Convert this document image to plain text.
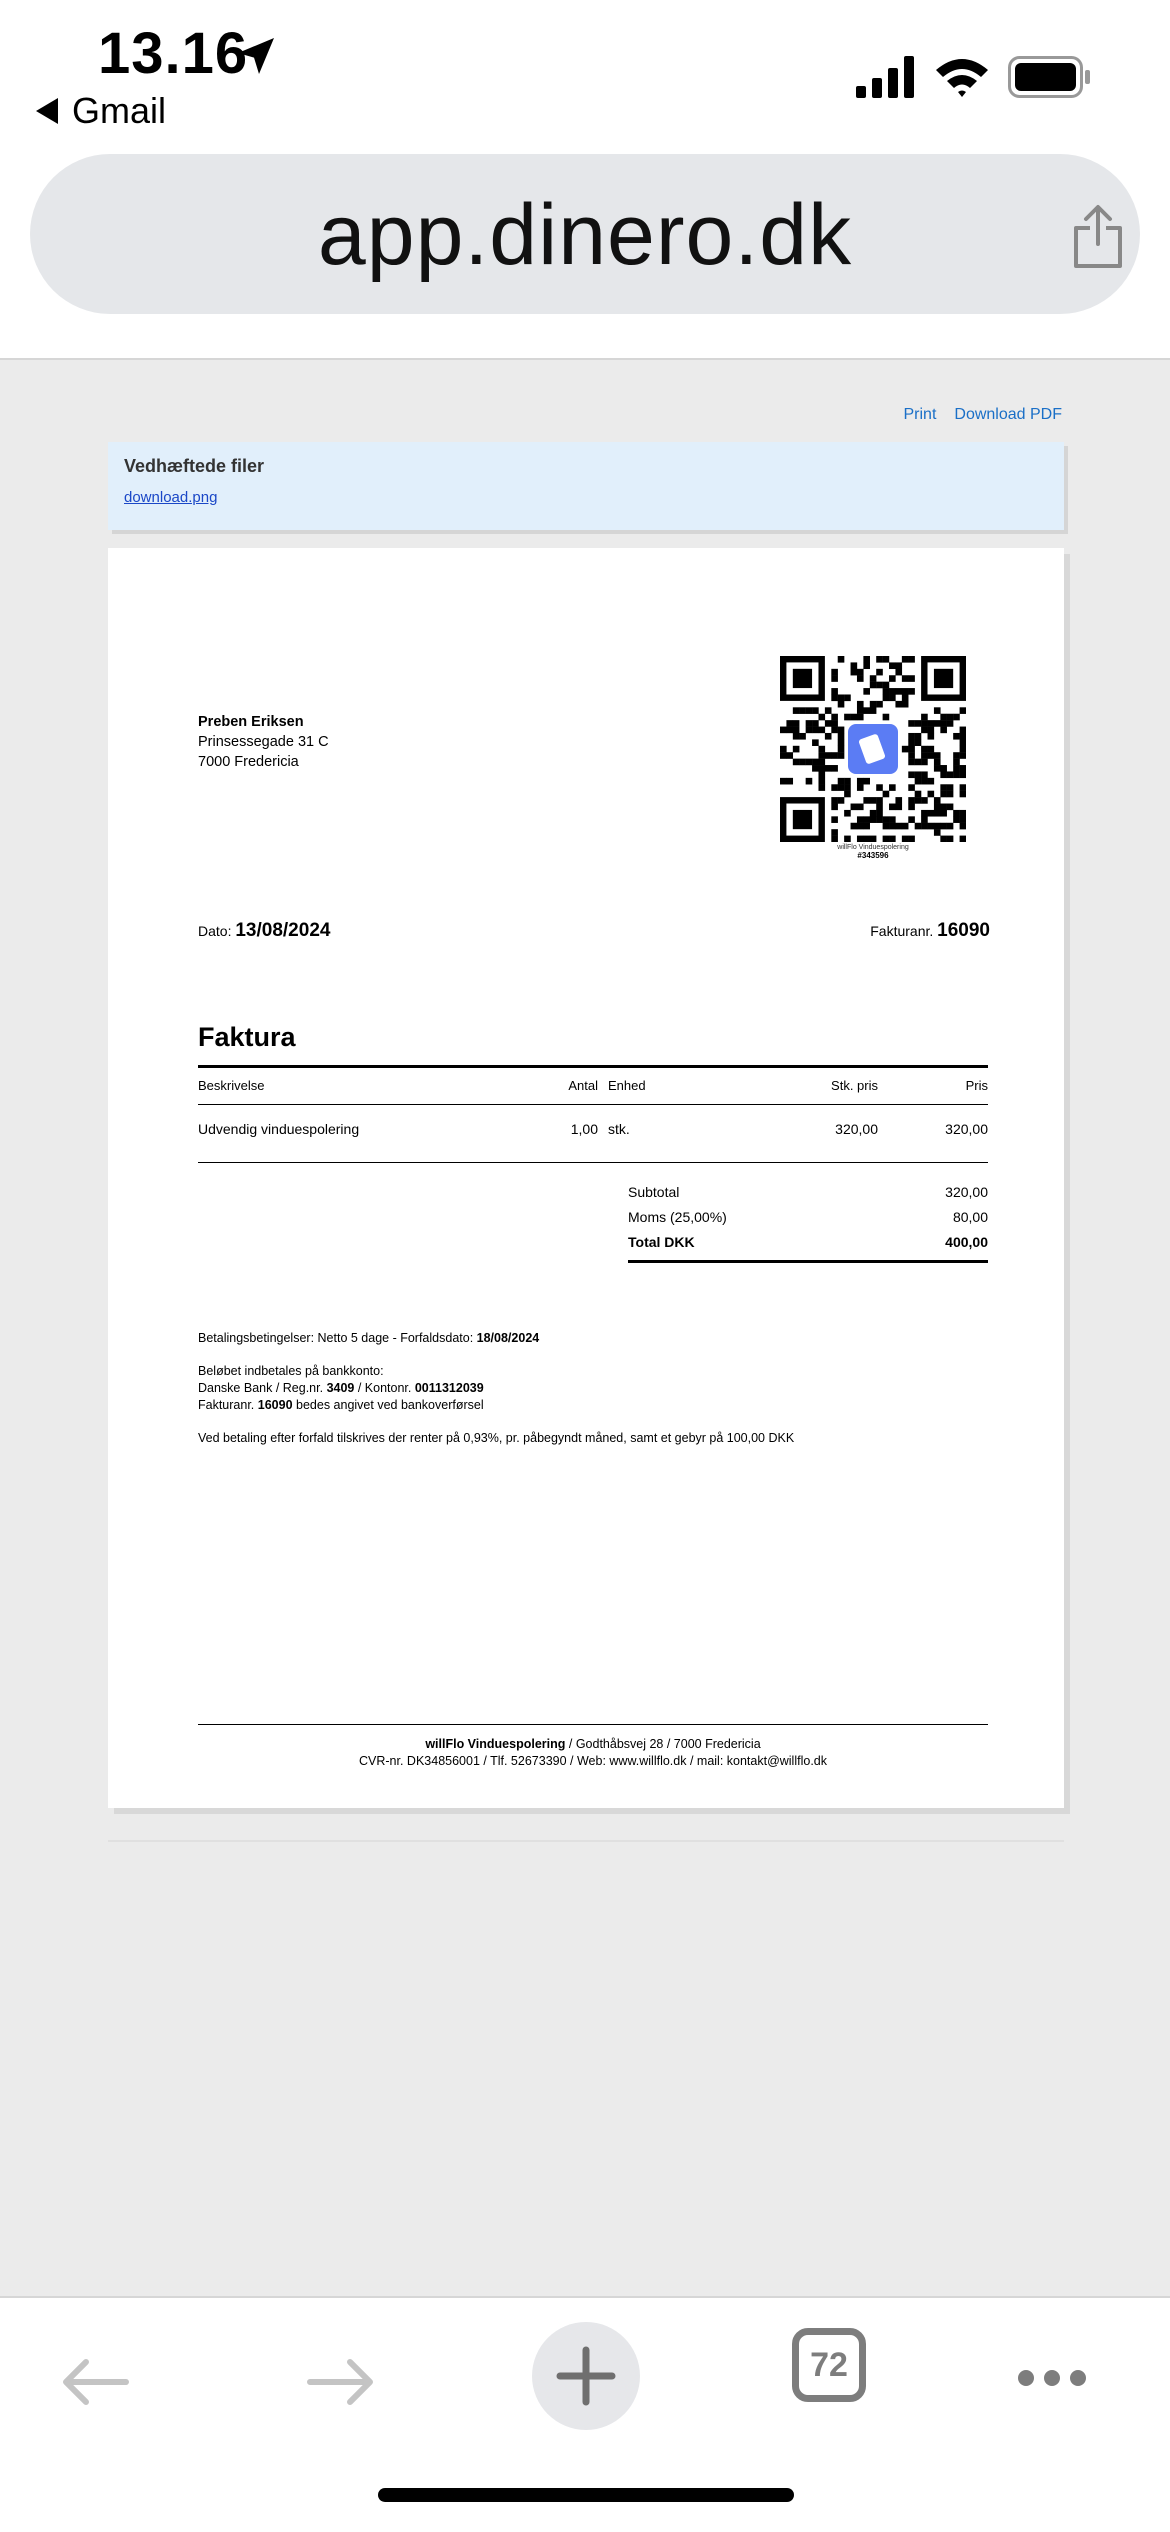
13.16
Gmail
app.dinero.dk
Print Download PDF
Vedhæftede filer
download.png
Preben Eriksen
Prinsessegade 31 C
7000 Fredericia
willFlo Vinduespolering
#343596
Dato: 13/08/2024	Fakturanr. 16090
Faktura
Beskrivelse	Antal Enhed	Stk. pris	Pris
Udvendig vinduespolering	1,00 stk.	320,00	320,00
Subtotal	320,00
Moms (25,00%)	80,00
Total DKK	400,00

Betalingsbetingelser: Netto 5 dage - Forfaldsdato: 18/08/2024

Beløbet indbetales på bankkonto:
Danske Bank / Reg.nr. 3409 / Kontonr. 0011312039
Fakturanr. 16090 bedes angivet ved bankoverførsel

Ved betaling efter forfald tilskrives der renter på 0,93%, pr. påbegyndt måned, samt et gebyr på 100,00 DKK

willFlo Vinduespolering / Godthåbsvej 28 / 7000 Fredericia
CVR-nr. DK34856001 / Tlf. 52673390 / Web: www.willflo.dk / mail: kontakt@willflo.dk
72
